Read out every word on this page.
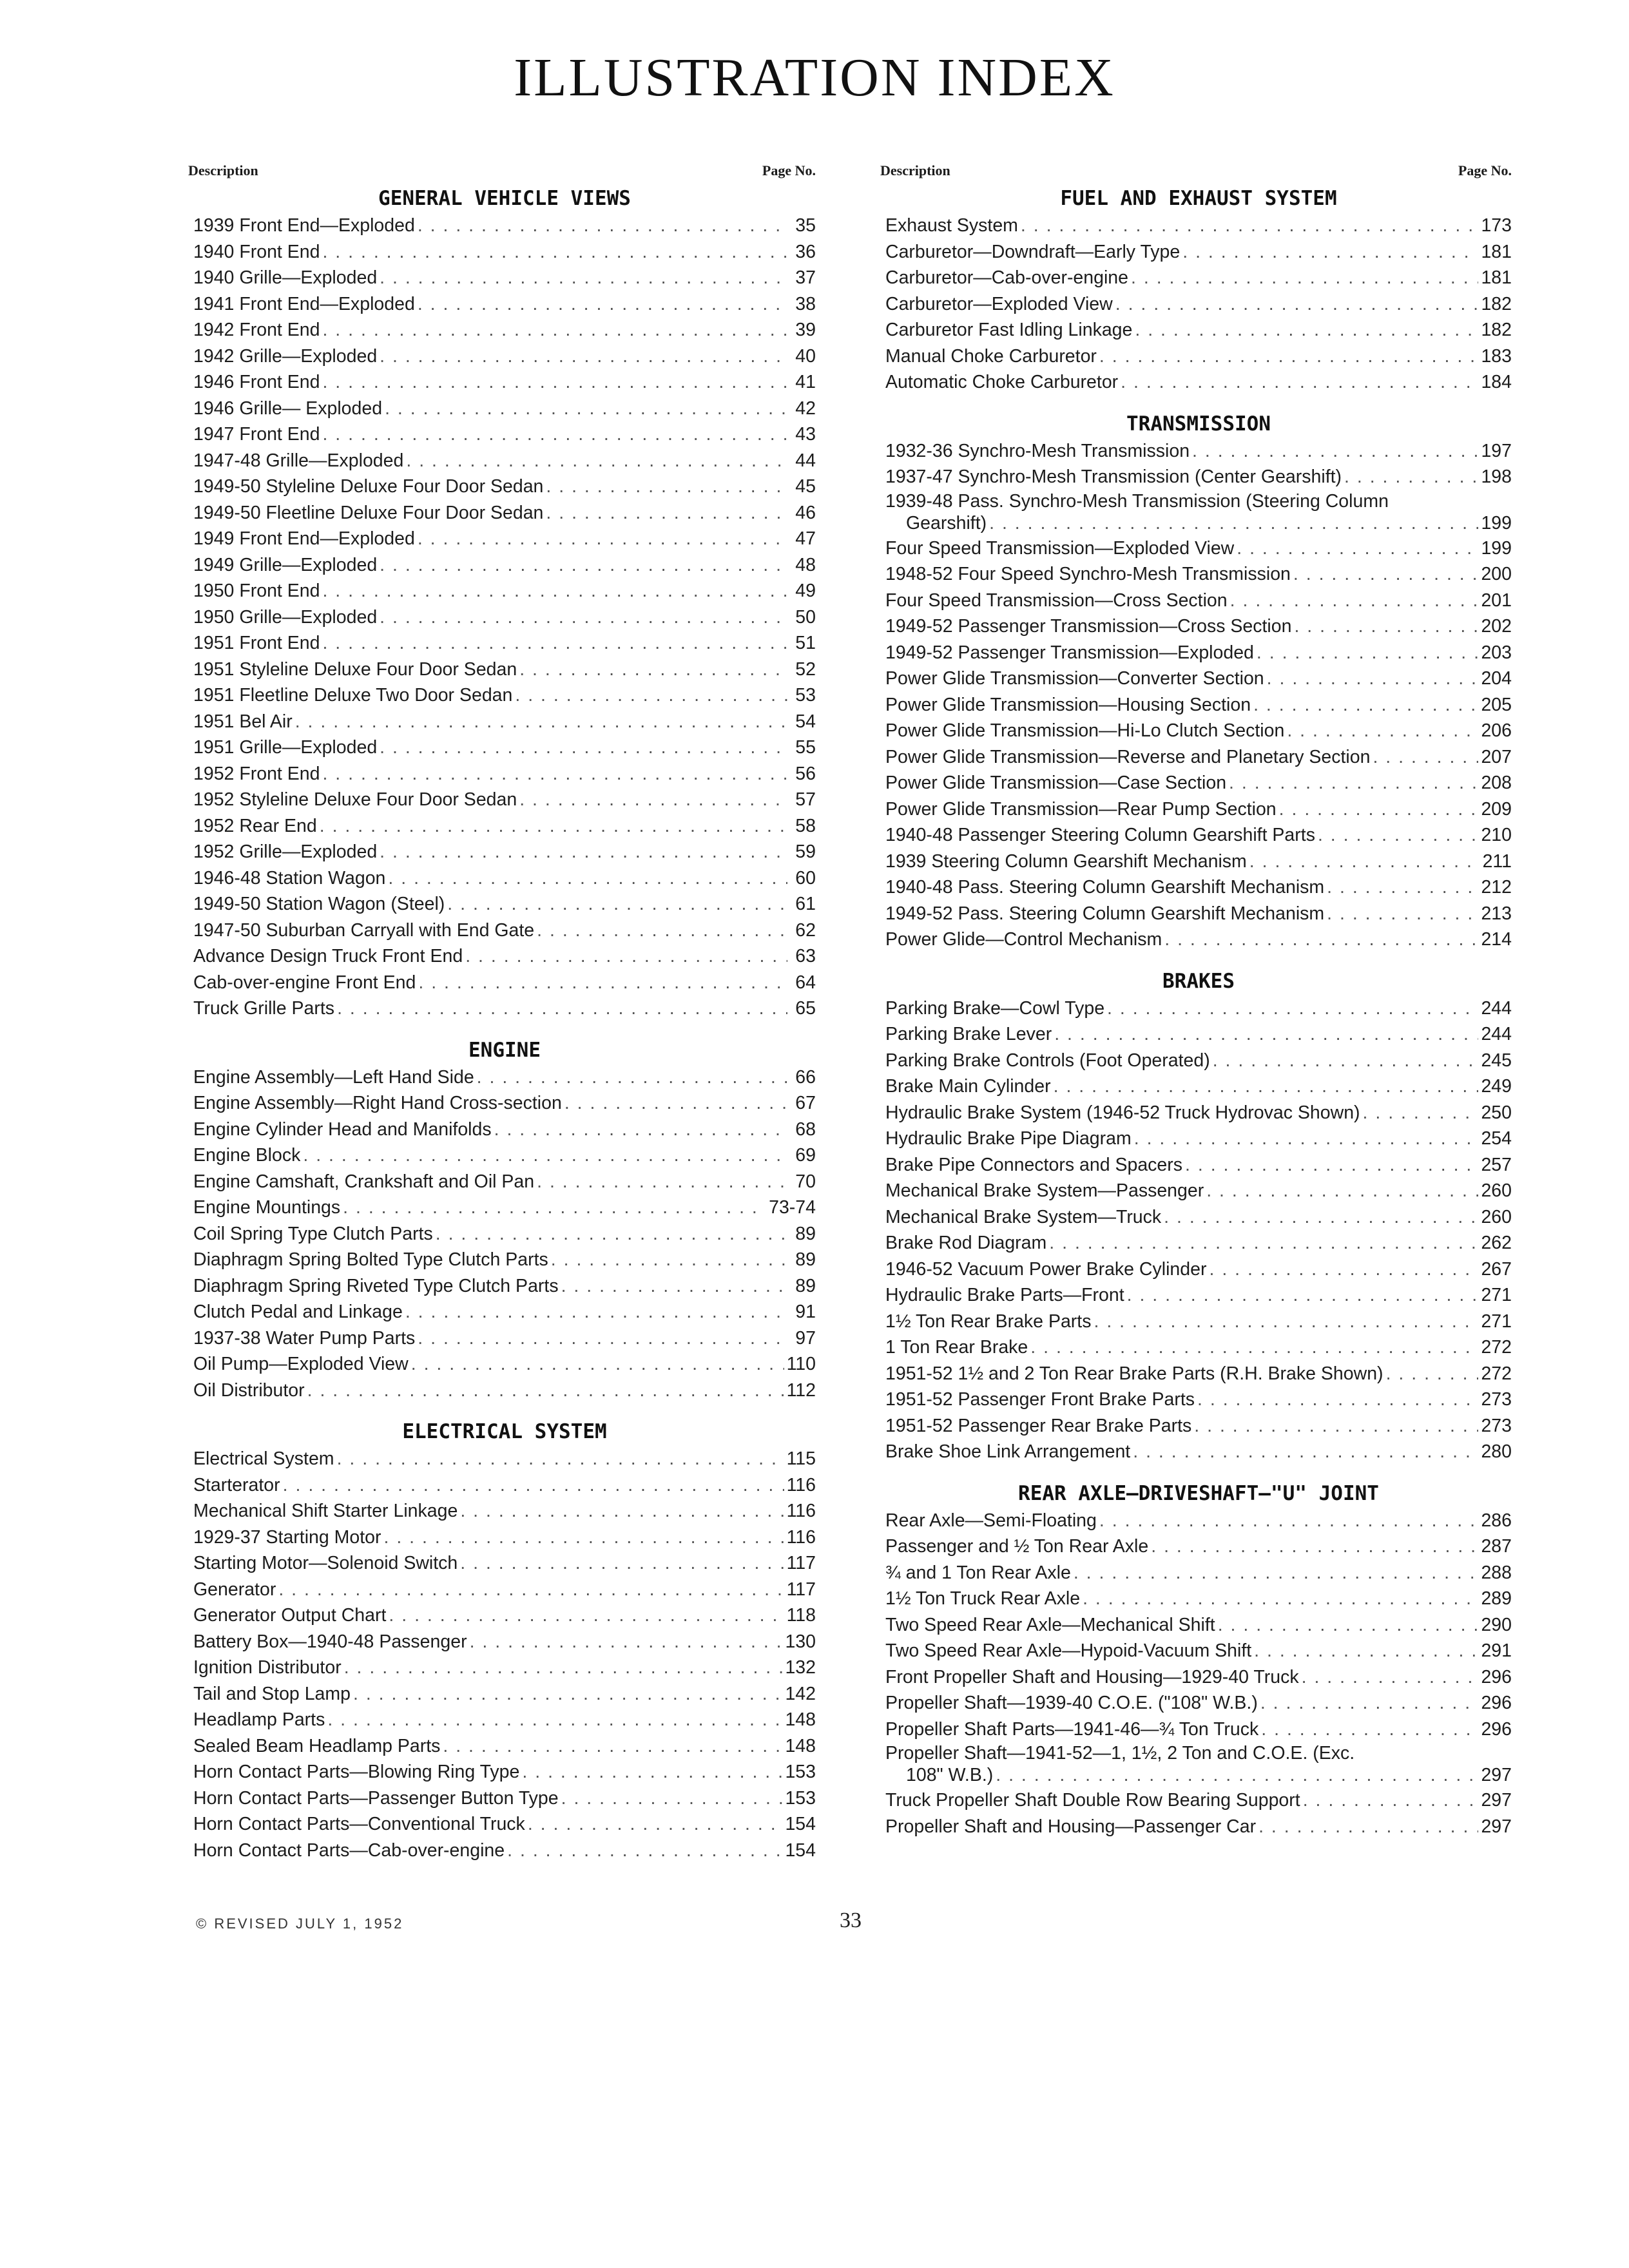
ILLUSTRATION INDEX
Description	Page No.
GENERAL VEHICLE VIEWS
1939 Front End—Exploded . . .	35
1940 Front End . . .	36
1940 Grille—Exploded . . .	37
1941 Front End—Exploded . . .	38
1942 Front End . . .	39
1942 Grille—Exploded . . .	40
1946 Front End . . .	41
1946 Grille— Exploded . . .	42
1947 Front End . . .	43
1947-48 Grille—Exploded . . .	44
1949-50 Styleline Deluxe Four Door Sedan . . .	45
1949-50 Fleetline Deluxe Four Door Sedan . . .	46
1949 Front End—Exploded . . .	47
1949 Grille—Exploded . . .	48
1950 Front End . . .	49
1950 Grille—Exploded . . .	50
1951 Front End . . .	51
1951 Styleline Deluxe Four Door Sedan . . .	52
1951 Fleetline Deluxe Two Door Sedan . . .	53
1951 Bel Air . . .	54
1951 Grille—Exploded . . .	55
1952 Front End . . .	56
1952 Styleline Deluxe Four Door Sedan . . .	57
1952 Rear End . . .	58
1952 Grille—Exploded . . .	59
1946-48 Station Wagon . . .	60
1949-50 Station Wagon (Steel) . . .	61
1947-50 Suburban Carryall with End Gate . . .	62
Advance Design Truck Front End . . .	63
Cab-over-engine Front End . . .	64
Truck Grille Parts . . .	65
ENGINE
Engine Assembly—Left Hand Side . . .	66
Engine Assembly—Right Hand Cross-section . . .	67
Engine Cylinder Head and Manifolds . . .	68
Engine Block . . .	69
Engine Camshaft, Crankshaft and Oil Pan . . .	70
Engine Mountings . . .	73-74
Coil Spring Type Clutch Parts . . .	89
Diaphragm Spring Bolted Type Clutch Parts . . .	89
Diaphragm Spring Riveted Type Clutch Parts . . .	89
Clutch Pedal and Linkage . . .	91
1937-38 Water Pump Parts . . .	97
Oil Pump—Exploded View . . .	110
Oil Distributor . . .	112
ELECTRICAL SYSTEM
Electrical System . . .	115
Starterator . . .	116
Mechanical Shift Starter Linkage . . .	116
1929-37 Starting Motor . . .	116
Starting Motor—Solenoid Switch . . .	117
Generator . . .	117
Generator Output Chart . . .	118
Battery Box—1940-48 Passenger . . .	130
Ignition Distributor . . .	132
Tail and Stop Lamp . . .	142
Headlamp Parts . . .	148
Sealed Beam Headlamp Parts . . .	148
Horn Contact Parts—Blowing Ring Type . . .	153
Horn Contact Parts—Passenger Button Type . . .	153
Horn Contact Parts—Conventional Truck . . .	154
Horn Contact Parts—Cab-over-engine . . .	154
Description	Page No.
FUEL AND EXHAUST SYSTEM
Exhaust System . . .	173
Carburetor—Downdraft—Early Type . . .	181
Carburetor—Cab-over-engine . . .	181
Carburetor—Exploded View . . .	182
Carburetor Fast Idling Linkage . . .	182
Manual Choke Carburetor . . .	183
Automatic Choke Carburetor . . .	184
TRANSMISSION
1932-36 Synchro-Mesh Transmission . . .	197
1937-47 Synchro-Mesh Transmission (Center Gearshift) . . .	198
1939-48 Pass. Synchro-Mesh Transmission (Steering Column
Gearshift) . . .	199
Four Speed Transmission—Exploded View . . .	199
1948-52 Four Speed Synchro-Mesh Transmission . . .	200
Four Speed Transmission—Cross Section . . .	201
1949-52 Passenger Transmission—Cross Section . . .	202
1949-52 Passenger Transmission—Exploded . . .	203
Power Glide Transmission—Converter Section . . .	204
Power Glide Transmission—Housing Section . . .	205
Power Glide Transmission—Hi-Lo Clutch Section . . .	206
Power Glide Transmission—Reverse and Planetary Section . . .	207
Power Glide Transmission—Case Section . . .	208
Power Glide Transmission—Rear Pump Section . . .	209
1940-48 Passenger Steering Column Gearshift Parts . . .	210
1939 Steering Column Gearshift Mechanism . . .	211
1940-48 Pass. Steering Column Gearshift Mechanism . . .	212
1949-52 Pass. Steering Column Gearshift Mechanism . . .	213
Power Glide—Control Mechanism . . .	214
BRAKES
Parking Brake—Cowl Type . . .	244
Parking Brake Lever . . .	244
Parking Brake Controls (Foot Operated) . . .	245
Brake Main Cylinder . . .	249
Hydraulic Brake System (1946-52 Truck Hydrovac Shown) . . .	250
Hydraulic Brake Pipe Diagram . . .	254
Brake Pipe Connectors and Spacers . . .	257
Mechanical Brake System—Passenger . . .	260
Mechanical Brake System—Truck . . .	260
Brake Rod Diagram . . .	262
1946-52 Vacuum Power Brake Cylinder . . .	267
Hydraulic Brake Parts—Front . . .	271
1½ Ton Rear Brake Parts . . .	271
1 Ton Rear Brake . . .	272
1951-52 1½ and 2 Ton Rear Brake Parts (R.H. Brake Shown) . . .	272
1951-52 Passenger Front Brake Parts . . .	273
1951-52 Passenger Rear Brake Parts . . .	273
Brake Shoe Link Arrangement . . .	280
REAR AXLE—DRIVESHAFT—"U" JOINT
Rear Axle—Semi-Floating . . .	286
Passenger and ½ Ton Rear Axle . . .	287
¾ and 1 Ton Rear Axle . . .	288
1½ Ton Truck Rear Axle . . .	289
Two Speed Rear Axle—Mechanical Shift . . .	290
Two Speed Rear Axle—Hypoid-Vacuum Shift . . .	291
Front Propeller Shaft and Housing—1929-40 Truck . . .	296
Propeller Shaft—1939-40 C.O.E. ("108" W.B.) . . .	296
Propeller Shaft Parts—1941-46—¾ Ton Truck . . .	296
Propeller Shaft—1941-52—1, 1½, 2 Ton and C.O.E. (Exc.
108" W.B.) . . .	297
Truck Propeller Shaft Double Row Bearing Support . . .	297
Propeller Shaft and Housing—Passenger Car . . .	297
© REVISED JULY 1, 1952	33
